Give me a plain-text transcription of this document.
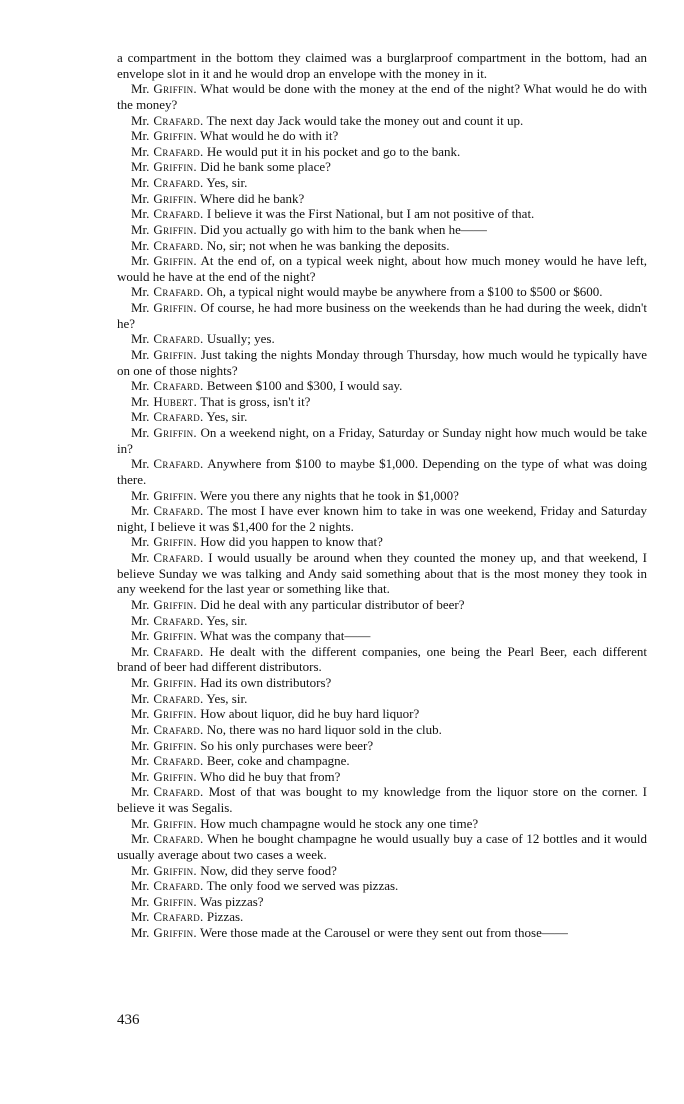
a compartment in the bottom they claimed was a burglarproof compartment in the bottom, had an envelope slot in it and he would drop an envelope with the money in it.

Mr. Griffin. What would be done with the money at the end of the night? What would he do with the money?

Mr. Crafard. The next day Jack would take the money out and count it up.

Mr. Griffin. What would he do with it?

Mr. Crafard. He would put it in his pocket and go to the bank.

Mr. Griffin. Did he bank some place?

Mr. Crafard. Yes, sir.

Mr. Griffin. Where did he bank?

Mr. Crafard. I believe it was the First National, but I am not positive of that.

Mr. Griffin. Did you actually go with him to the bank when he——

Mr. Crafard. No, sir; not when he was banking the deposits.

Mr. Griffin. At the end of, on a typical week night, about how much money would he have left, would he have at the end of the night?

Mr. Crafard. Oh, a typical night would maybe be anywhere from a $100 to $500 or $600.

Mr. Griffin. Of course, he had more business on the weekends than he had during the week, didn't he?

Mr. Crafard. Usually; yes.

Mr. Griffin. Just taking the nights Monday through Thursday, how much would he typically have on one of those nights?

Mr. Crafard. Between $100 and $300, I would say.

Mr. Hubert. That is gross, isn't it?

Mr. Crafard. Yes, sir.

Mr. Griffin. On a weekend night, on a Friday, Saturday or Sunday night how much would be take in?

Mr. Crafard. Anywhere from $100 to maybe $1,000. Depending on the type of what was doing there.

Mr. Griffin. Were you there any nights that he took in $1,000?

Mr. Crafard. The most I have ever known him to take in was one weekend, Friday and Saturday night, I believe it was $1,400 for the 2 nights.

Mr. Griffin. How did you happen to know that?

Mr. Crafard. I would usually be around when they counted the money up, and that weekend, I believe Sunday we was talking and Andy said something about that is the most money they took in any weekend for the last year or something like that.

Mr. Griffin. Did he deal with any particular distributor of beer?

Mr. Crafard. Yes, sir.

Mr. Griffin. What was the company that——

Mr. Crafard. He dealt with the different companies, one being the Pearl Beer, each different brand of beer had different distributors.

Mr. Griffin. Had its own distributors?

Mr. Crafard. Yes, sir.

Mr. Griffin. How about liquor, did he buy hard liquor?

Mr. Crafard. No, there was no hard liquor sold in the club.

Mr. Griffin. So his only purchases were beer?

Mr. Crafard. Beer, coke and champagne.

Mr. Griffin. Who did he buy that from?

Mr. Crafard. Most of that was bought to my knowledge from the liquor store on the corner. I believe it was Segalis.

Mr. Griffin. How much champagne would he stock any one time?

Mr. Crafard. When he bought champagne he would usually buy a case of 12 bottles and it would usually average about two cases a week.

Mr. Griffin. Now, did they serve food?

Mr. Crafard. The only food we served was pizzas.

Mr. Griffin. Was pizzas?

Mr. Crafard. Pizzas.

Mr. Griffin. Were those made at the Carousel or were they sent out from those——

436
